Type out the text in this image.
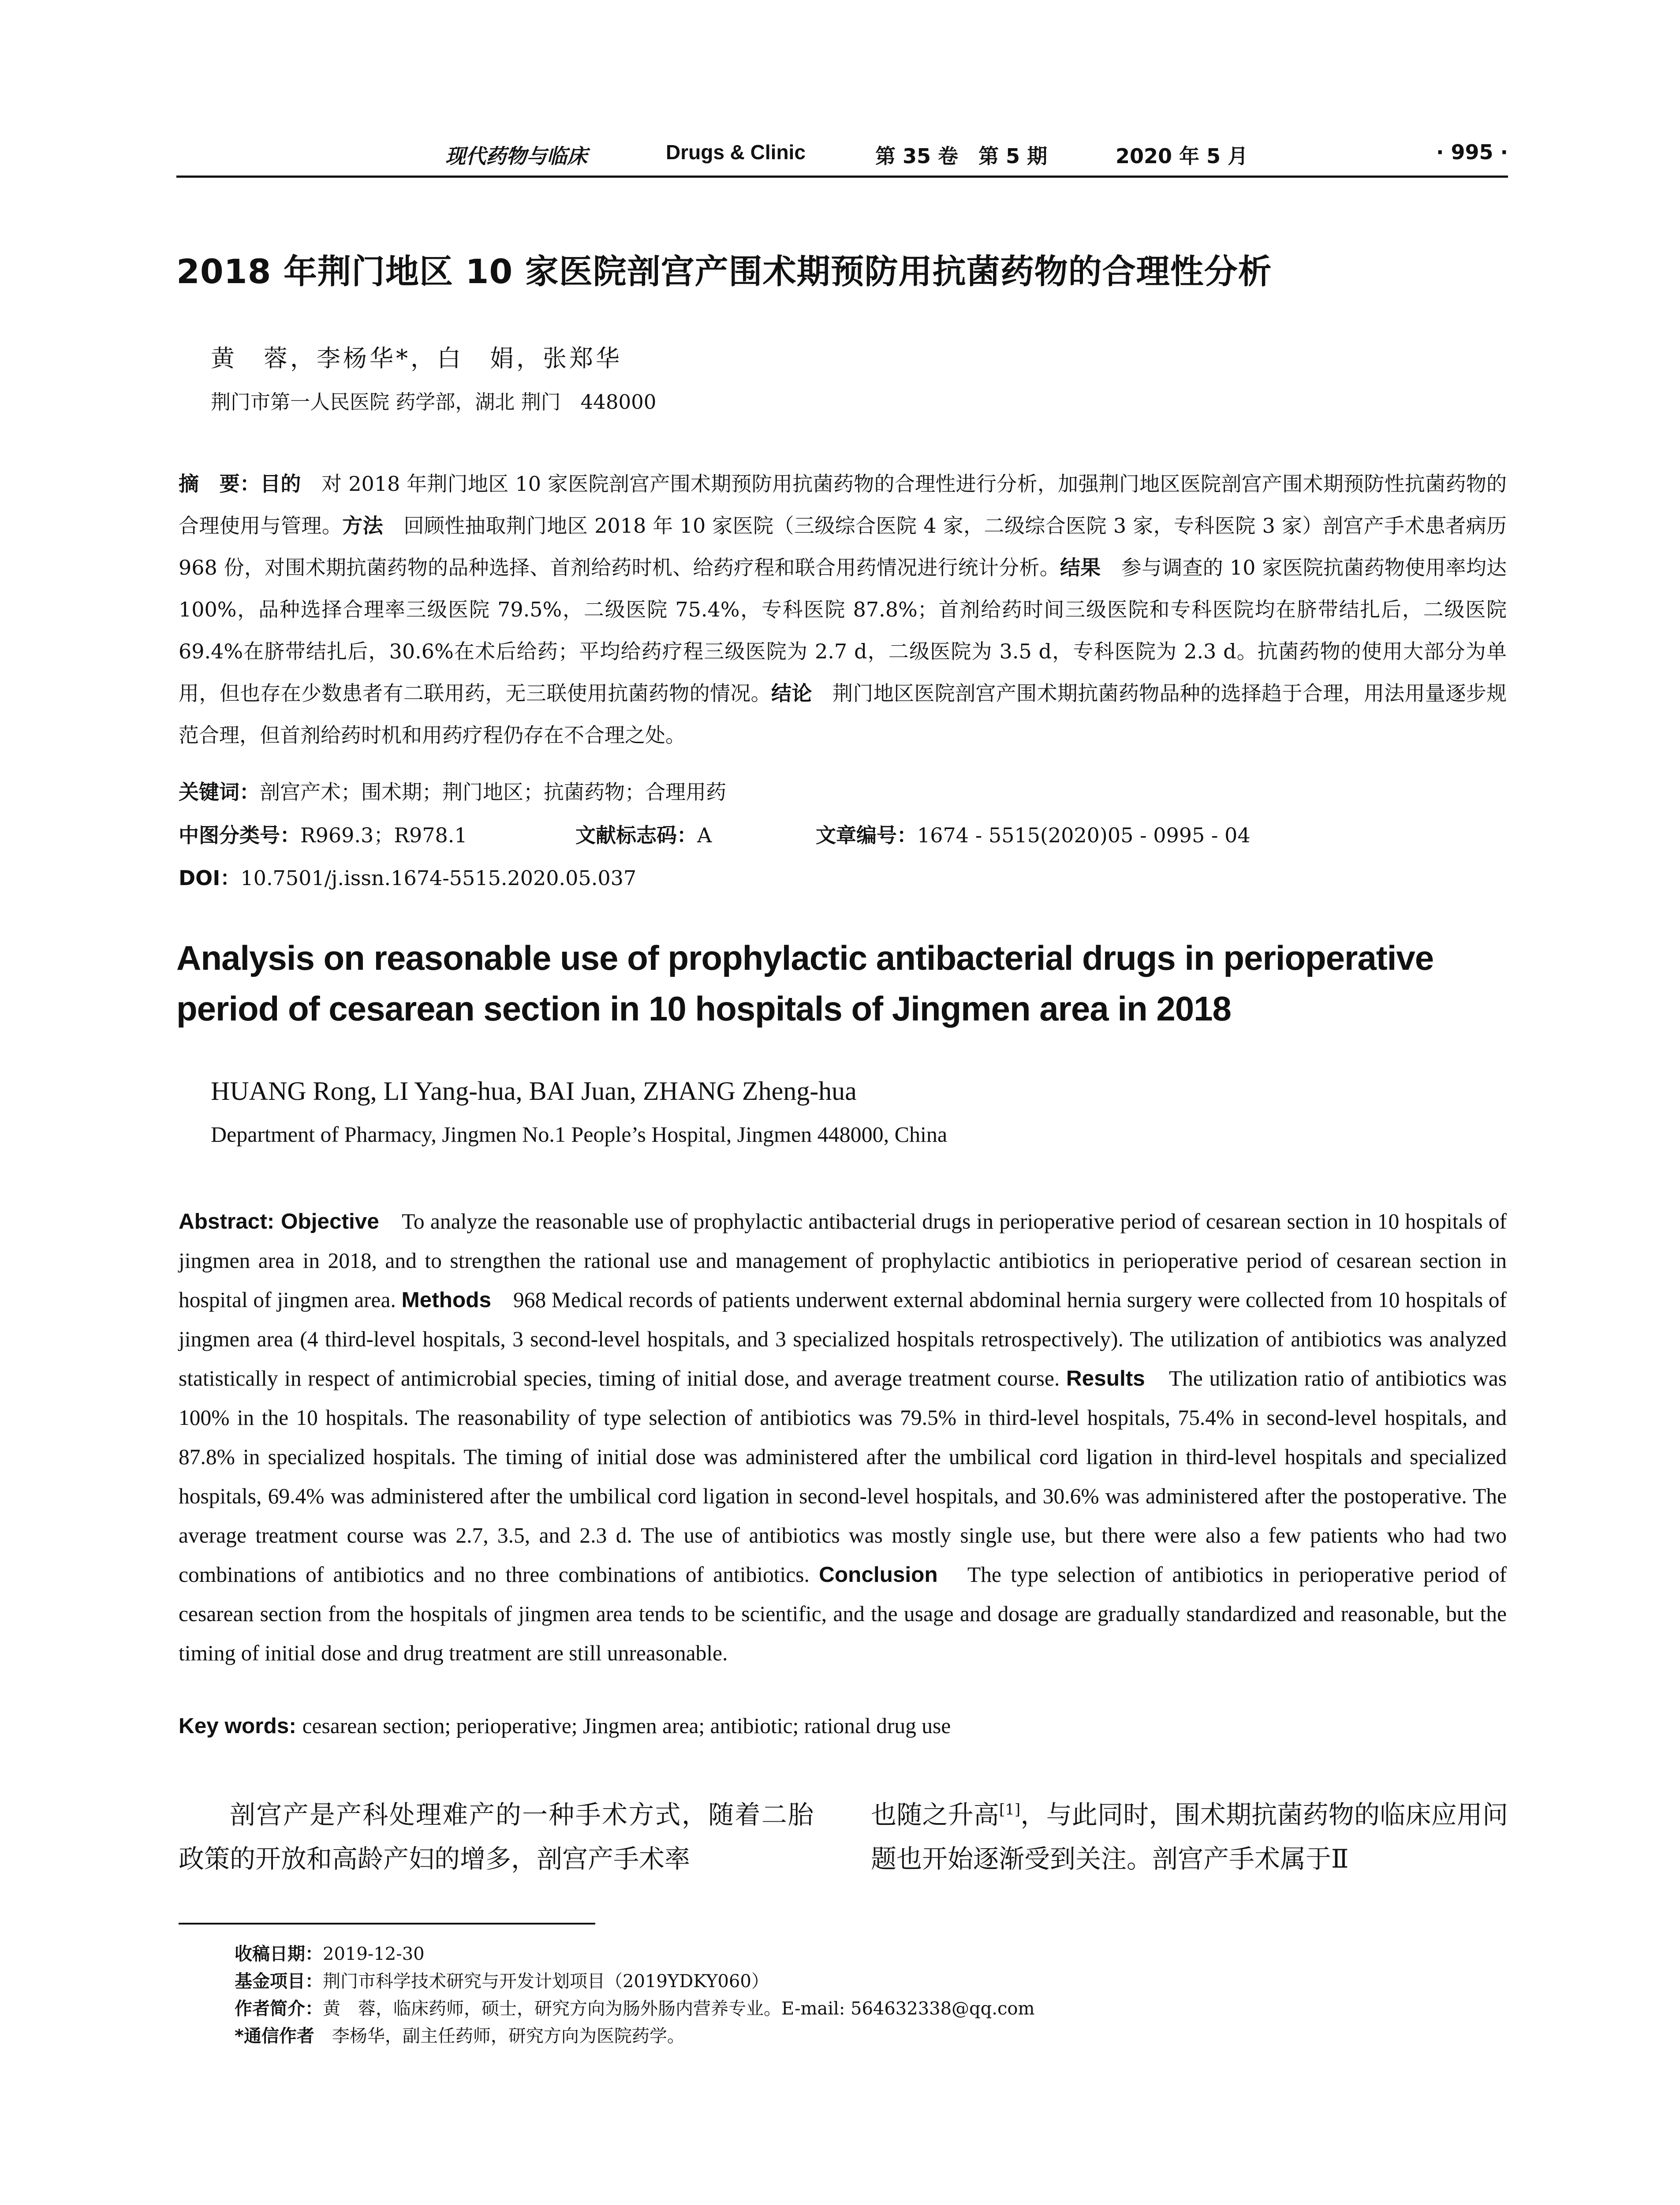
现代药物与临床	Drugs & Clinic	第 35 卷　第 5 期	2020 年 5 月	· 995 ·
2018 年荆门地区 10 家医院剖宫产围术期预防用抗菌药物的合理性分析
黄　蓉，李杨华*，白　娟，张郑华
荆门市第一人民医院 药学部，湖北 荆门　448000
摘　要：目的　对 2018 年荆门地区 10 家医院剖宫产围术期预防用抗菌药物的合理性进行分析，加强荆门地区医院剖宫产围术期预防性抗菌药物的合理使用与管理。方法　回顾性抽取荆门地区 2018 年 10 家医院（三级综合医院 4 家，二级综合医院 3 家，专科医院 3 家）剖宫产手术患者病历 968 份，对围术期抗菌药物的品种选择、首剂给药时机、给药疗程和联合用药情况进行统计分析。结果　参与调查的 10 家医院抗菌药物使用率均达 100%，品种选择合理率三级医院 79.5%，二级医院 75.4%，专科医院 87.8%；首剂给药时间三级医院和专科医院均在脐带结扎后，二级医院 69.4%在脐带结扎后，30.6%在术后给药；平均给药疗程三级医院为 2.7 d，二级医院为 3.5 d，专科医院为 2.3 d。抗菌药物的使用大部分为单用，但也存在少数患者有二联用药，无三联使用抗菌药物的情况。结论　荆门地区医院剖宫产围术期抗菌药物品种的选择趋于合理，用法用量逐步规范合理，但首剂给药时机和用药疗程仍存在不合理之处。
关键词：剖宫产术；围术期；荆门地区；抗菌药物；合理用药
中图分类号：R969.3；R978.1	文献标志码：A	文章编号：1674 - 5515(2020)05 - 0995 - 04
DOI：10.7501/j.issn.1674-5515.2020.05.037
Analysis on reasonable use of prophylactic antibacterial drugs in perioperative period of cesarean section in 10 hospitals of Jingmen area in 2018
HUANG Rong, LI Yang-hua, BAI Juan, ZHANG Zheng-hua
Department of Pharmacy, Jingmen No.1 People’s Hospital, Jingmen 448000, China
Abstract: Objective　To analyze the reasonable use of prophylactic antibacterial drugs in perioperative period of cesarean section in 10 hospitals of jingmen area in 2018, and to strengthen the rational use and management of prophylactic antibiotics in perioperative period of cesarean section in hospital of jingmen area. Methods　968 Medical records of patients underwent external abdominal hernia surgery were collected from 10 hospitals of jingmen area (4 third-level hospitals, 3 second-level hospitals, and 3 specialized hospitals retrospectively). The utilization of antibiotics was analyzed statistically in respect of antimicrobial species, timing of initial dose, and average treatment course. Results　The utilization ratio of antibiotics was 100% in the 10 hospitals. The reasonability of type selection of antibiotics was 79.5% in third-level hospitals, 75.4% in second-level hospitals, and 87.8% in specialized hospitals. The timing of initial dose was administered after the umbilical cord ligation in third-level hospitals and specialized hospitals, 69.4% was administered after the umbilical cord ligation in second-level hospitals, and 30.6% was administered after the postoperative. The average treatment course was 2.7, 3.5, and 2.3 d. The use of antibiotics was mostly single use, but there were also a few patients who had two combinations of antibiotics and no three combinations of antibiotics. Conclusion　The type selection of antibiotics in perioperative period of cesarean section from the hospitals of jingmen area tends to be scientific, and the usage and dosage are gradually standardized and reasonable, but the timing of initial dose and drug treatment are still unreasonable.
Key words: cesarean section; perioperative; Jingmen area; antibiotic; rational drug use
剖宫产是产科处理难产的一种手术方式，随着二胎政策的开放和高龄产妇的增多，剖宫产手术率
也随之升高[1]，与此同时，围术期抗菌药物的临床应用问题也开始逐渐受到关注。剖宫产手术属于Ⅱ
收稿日期：2019-12-30
基金项目：荆门市科学技术研究与开发计划项目（2019YDKY060）
作者简介：黄　蓉，临床药师，硕士，研究方向为肠外肠内营养专业。E-mail: 564632338@qq.com
*通信作者　李杨华，副主任药师，研究方向为医院药学。
